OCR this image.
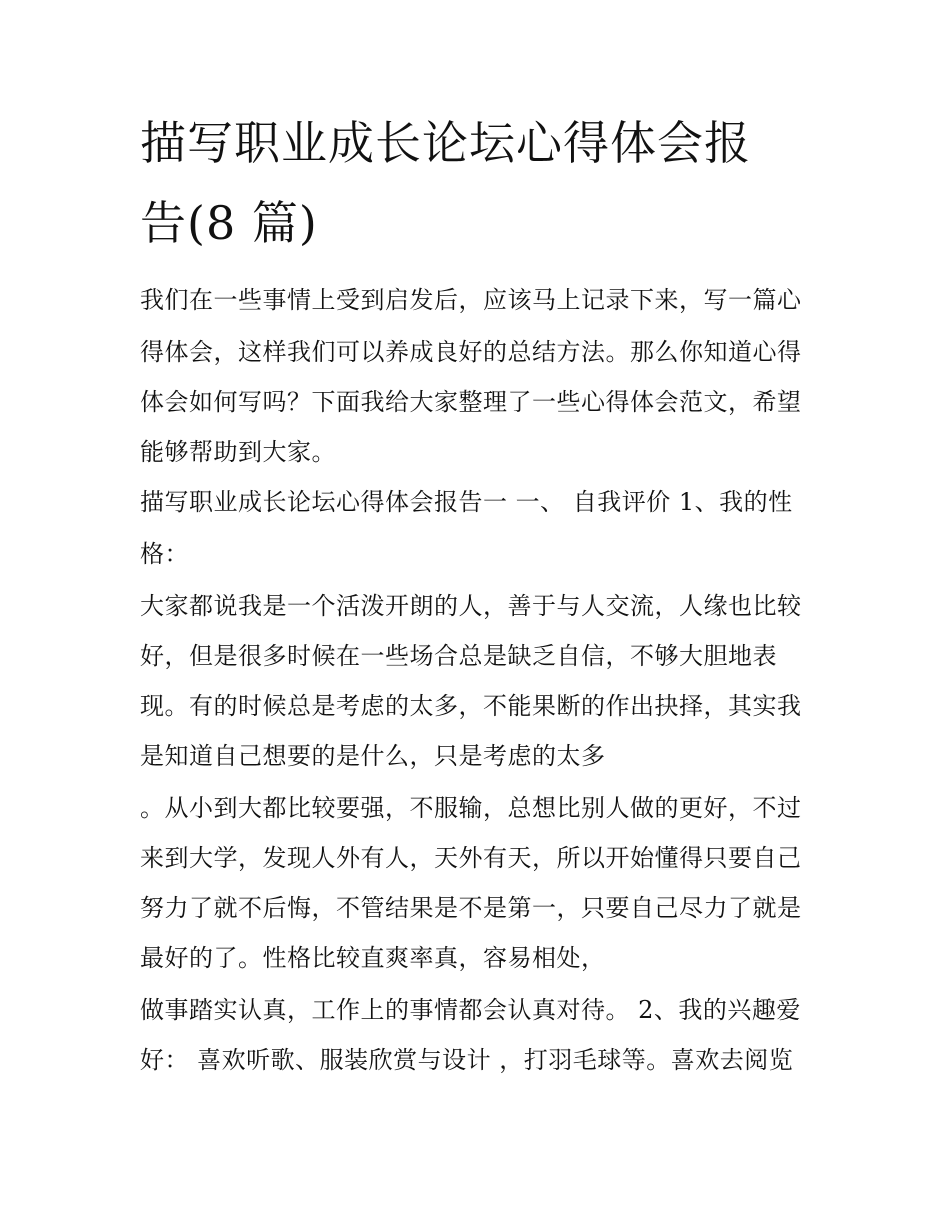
描写职业成长论坛心得体会报
告(8 篇)
我们在一些事情上受到启发后，应该马上记录下来，写一篇心
得体会，这样我们可以养成良好的总结方法。那么你知道心得
体会如何写吗？下面我给大家整理了一些心得体会范文，希望
能够帮助到大家。
描写职业成长论坛心得体会报告一 一、 自我评价 1、我的性
格：
大家都说我是一个活泼开朗的人，善于与人交流，人缘也比较
好，但是很多时候在一些场合总是缺乏自信，不够大胆地表
现。有的时候总是考虑的太多，不能果断的作出抉择，其实我
是知道自己想要的是什么，只是考虑的太多
。从小到大都比较要强，不服输，总想比别人做的更好，不过
来到大学，发现人外有人，天外有天，所以开始懂得只要自己
努力了就不后悔，不管结果是不是第一，只要自己尽力了就是
最好的了。性格比较直爽率真，容易相处，
做事踏实认真，工作上的事情都会认真对待。 2、我的兴趣爱
好： 喜欢听歌、服装欣赏与设计 ，打羽毛球等。喜欢去阅览
